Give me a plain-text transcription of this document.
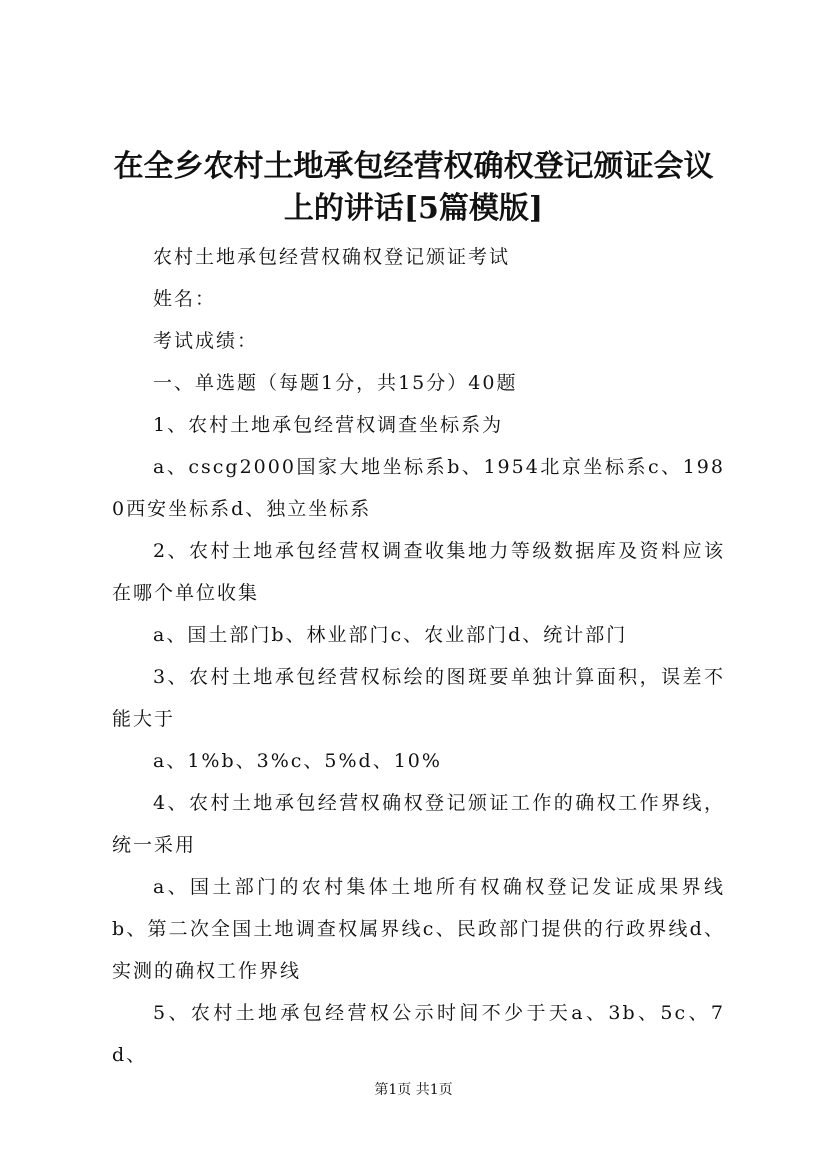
在全乡农村土地承包经营权确权登记颁证会议
上的讲话[5篇模版]

农村土地承包经营权确权登记颁证考试

姓名：

考试成绩：

一、单选题（每题1分，共15分）40题

1、农村土地承包经营权调查坐标系为

a、cscg2000国家大地坐标系b、1954北京坐标系c、1980西安坐标系d、独立坐标系

2、农村土地承包经营权调查收集地力等级数据库及资料应该在哪个单位收集

a、国土部门b、林业部门c、农业部门d、统计部门

3、农村土地承包经营权标绘的图斑要单独计算面积，误差不能大于

a、1%b、3%c、5%d、10%

4、农村土地承包经营权确权登记颁证工作的确权工作界线，统一采用

a、国土部门的农村集体土地所有权确权登记发证成果界线b、第二次全国土地调查权属界线c、民政部门提供的行政界线d、实测的确权工作界线

5、农村土地承包经营权公示时间不少于天a、3b、5c、7d、

第1页 共1页
